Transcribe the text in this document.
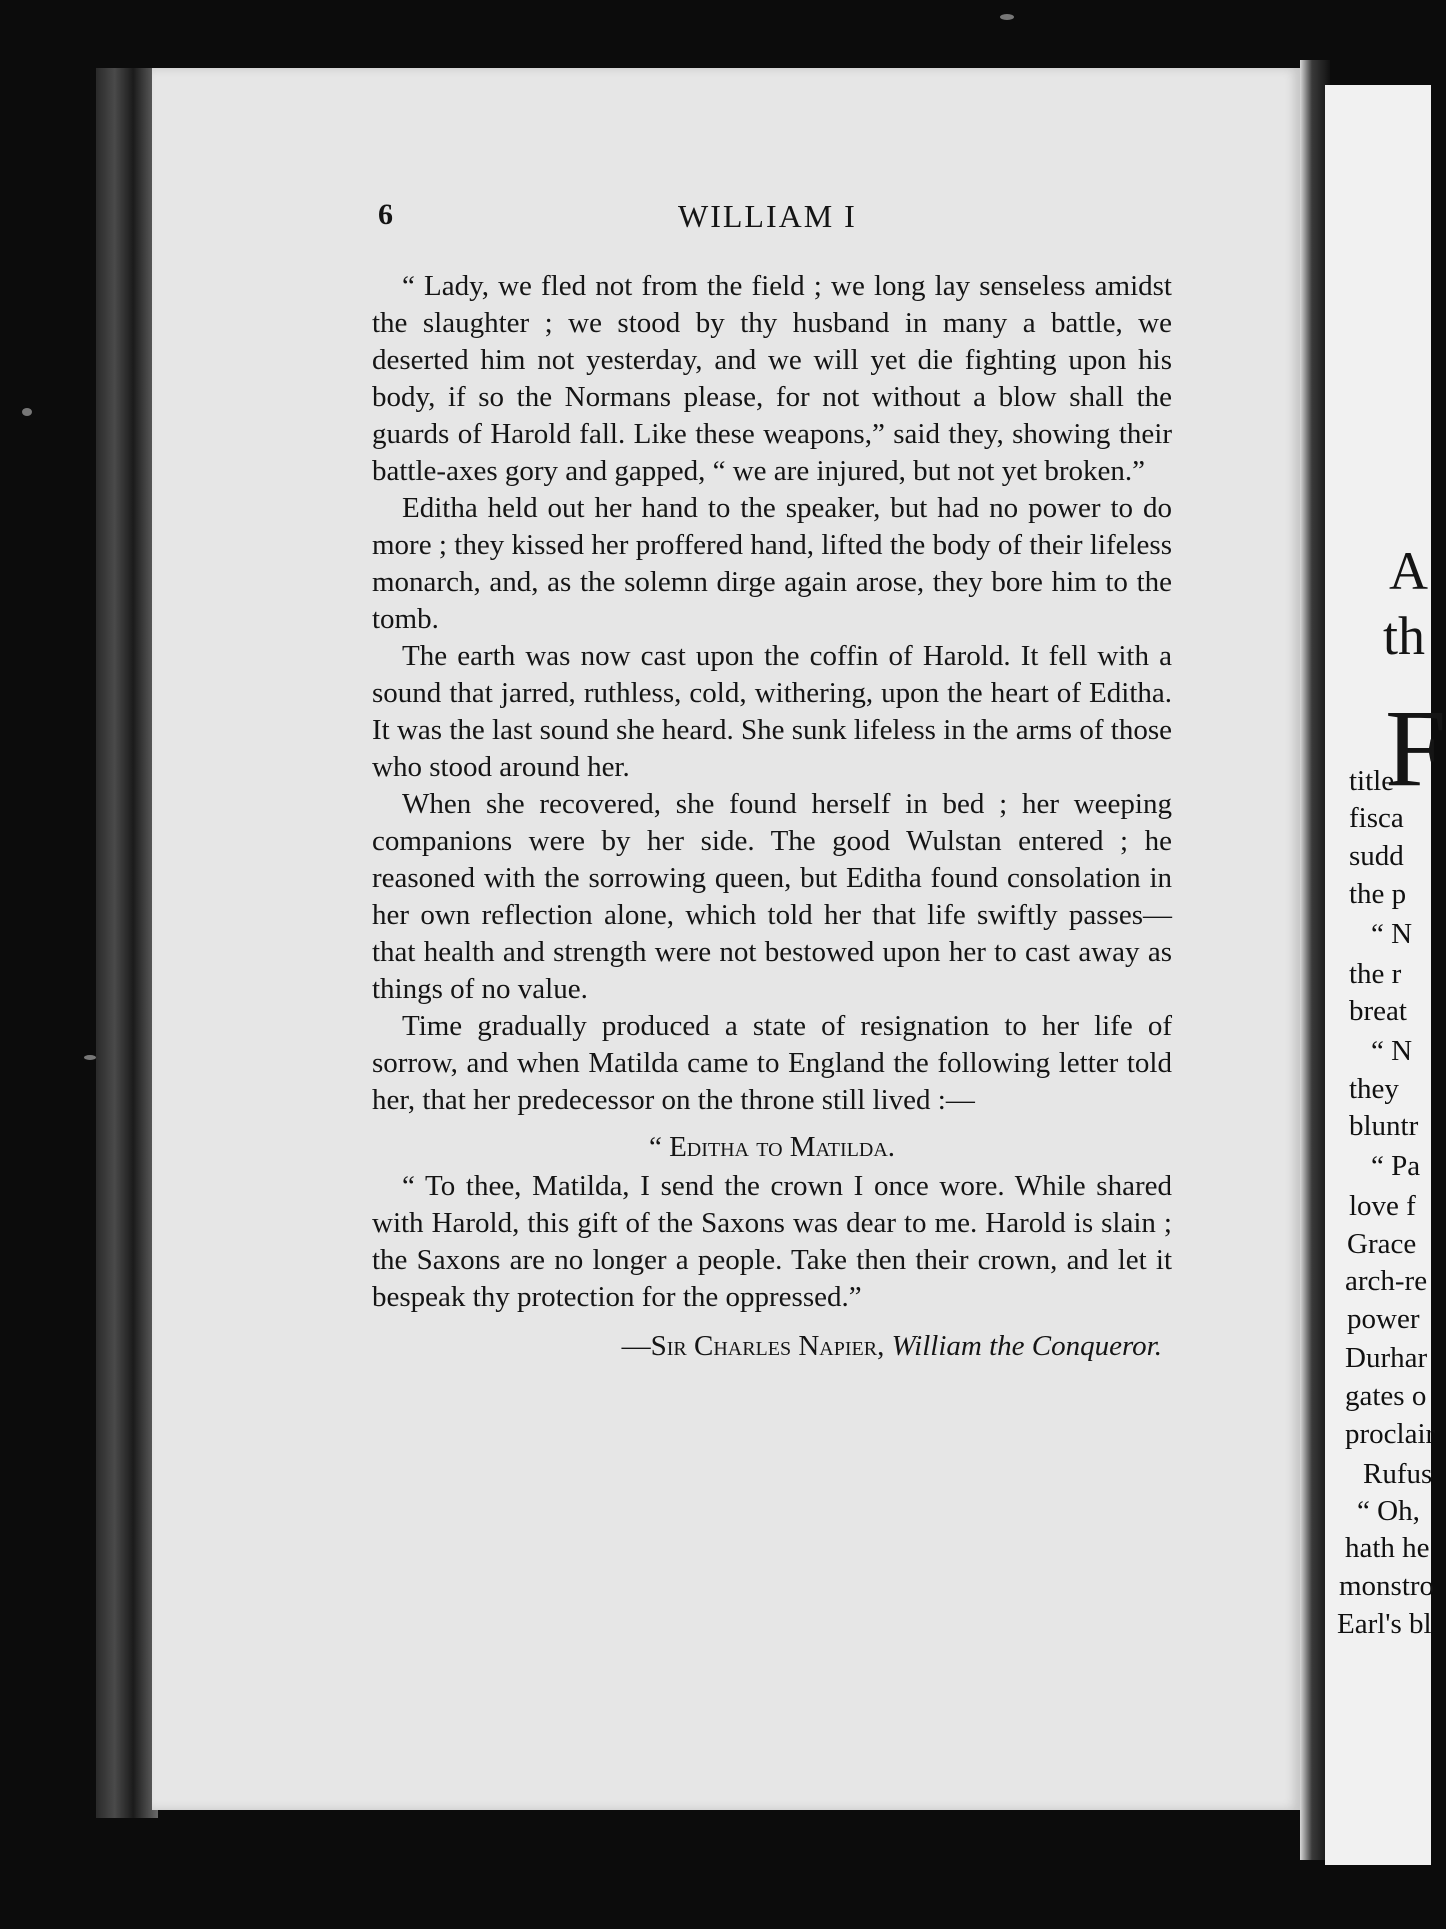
6	WILLIAM I

“ Lady, we fled not from the field ; we long lay senseless amidst the slaughter ; we stood by thy husband in many a battle, we deserted him not yesterday, and we will yet die fighting upon his body, if so the Normans please, for not without a blow shall the guards of Harold fall. Like these weapons,” said they, showing their battle-axes gory and gapped, “ we are injured, but not yet broken.”

Editha held out her hand to the speaker, but had no power to do more ; they kissed her proffered hand, lifted the body of their lifeless monarch, and, as the solemn dirge again arose, they bore him to the tomb.

The earth was now cast upon the coffin of Harold. It fell with a sound that jarred, ruthless, cold, withering, upon the heart of Editha. It was the last sound she heard. She sunk lifeless in the arms of those who stood around her.

When she recovered, she found herself in bed ; her weeping companions were by her side. The good Wulstan entered ; he reasoned with the sorrowing queen, but Editha found consolation in her own reflection alone, which told her that life swiftly passes—that health and strength were not bestowed upon her to cast away as things of no value.

Time gradually produced a state of resignation to her life of sorrow, and when Matilda came to England the following letter told her, that her predecessor on the throne still lived :—

“ Editha to Matilda.

“ To thee, Matilda, I send the crown I once wore. While shared with Harold, this gift of the Saxons was dear to me. Harold is slain ; the Saxons are no longer a people. Take then their crown, and let it bespeak thy protection for the oppressed.”

—Sir Charles Napier, William the Conqueror.

A
th
F
title
fisca
sudd
the p
“ N
the r
breat
“ N
they
bluntr
“ Pa
love f
Grace
arch-re
power
Durhar
gates o
proclair
Rufus
“ Oh,
hath he
monstro
Earl's bl
